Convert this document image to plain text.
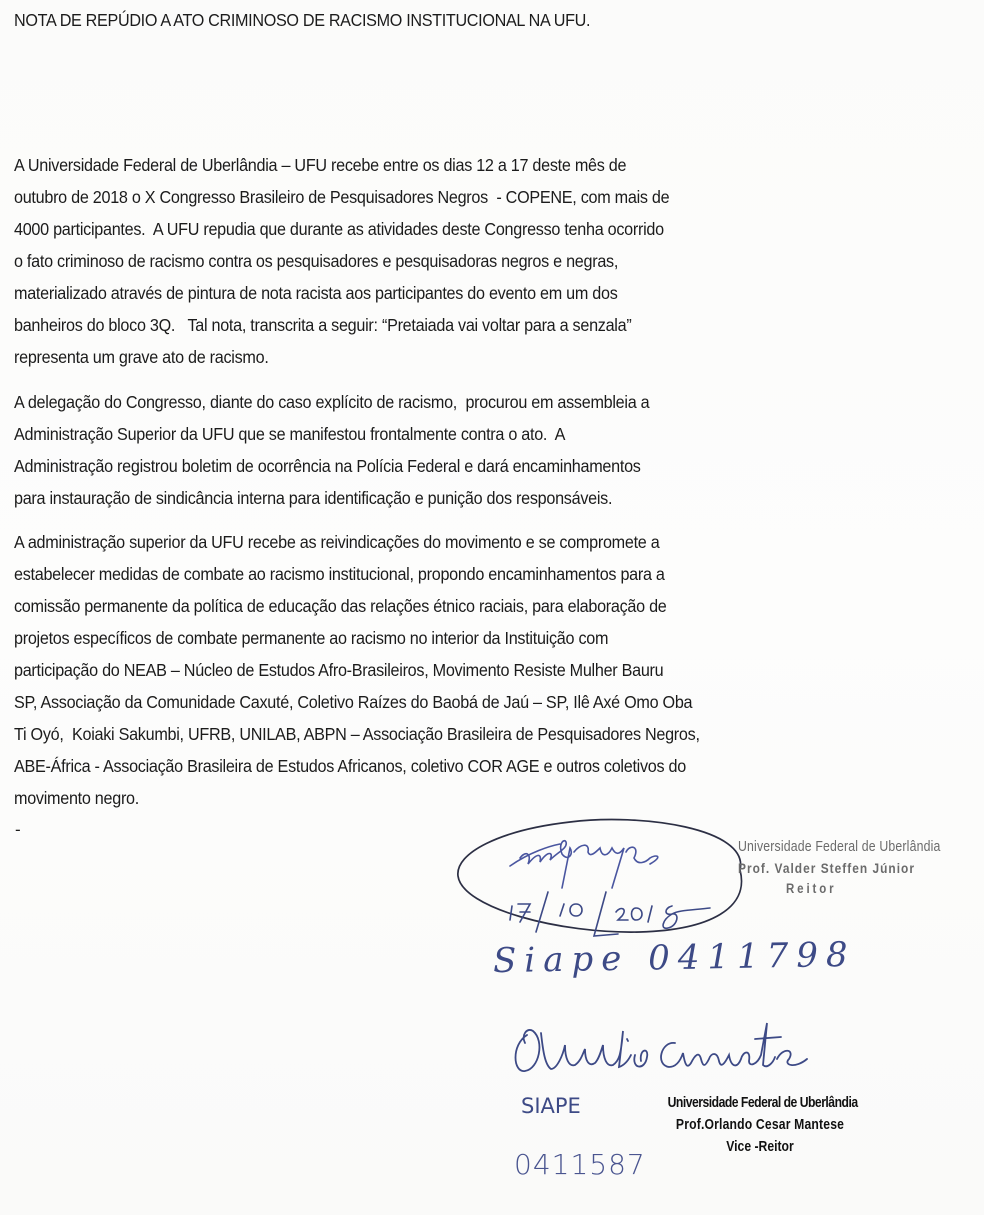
NOTA DE REPÚDIO A ATO CRIMINOSO DE RACISMO INSTITUCIONAL NA UFU.
A Universidade Federal de Uberlândia – UFU recebe entre os dias 12 a 17 deste mês de
outubro de 2018 o X Congresso Brasileiro de Pesquisadores Negros  - COPENE, com mais de
4000 participantes.  A UFU repudia que durante as atividades deste Congresso tenha ocorrido
o fato criminoso de racismo contra os pesquisadores e pesquisadoras negros e negras,
materializado através de pintura de nota racista aos participantes do evento em um dos
banheiros do bloco 3Q.   Tal nota, transcrita a seguir: “Pretaiada vai voltar para a senzala”
representa um grave ato de racismo.
A delegação do Congresso, diante do caso explícito de racismo,  procurou em assembleia a
Administração Superior da UFU que se manifestou frontalmente contra o ato.  A
Administração registrou boletim de ocorrência na Polícia Federal e dará encaminhamentos
para instauração de sindicância interna para identificação e punição dos responsáveis.
A administração superior da UFU recebe as reivindicações do movimento e se compromete a
estabelecer medidas de combate ao racismo institucional, propondo encaminhamentos para a
comissão permanente da política de educação das relações étnico raciais, para elaboração de
projetos específicos de combate permanente ao racismo no interior da Instituição com
participação do NEAB – Núcleo de Estudos Afro-Brasileiros, Movimento Resiste Mulher Bauru
SP, Associação da Comunidade Caxuté, Coletivo Raízes do Baobá de Jaú – SP, Ilê Axé Omo Oba
Ti Oyó,  Koiaki Sakumbi, UFRB, UNILAB, ABPN – Associação Brasileira de Pesquisadores Negros,
ABE-África - Associação Brasileira de Estudos Africanos, coletivo COR AGE e outros coletivos do
movimento negro.
-
Universidade Federal de Uberlândia
Prof. Valder Steffen Júnior
Reitor
Siape 0411798
SIAPE
0411587
Universidade Federal de Uberlândia
Prof.Orlando Cesar Mantese
Vice -Reitor
